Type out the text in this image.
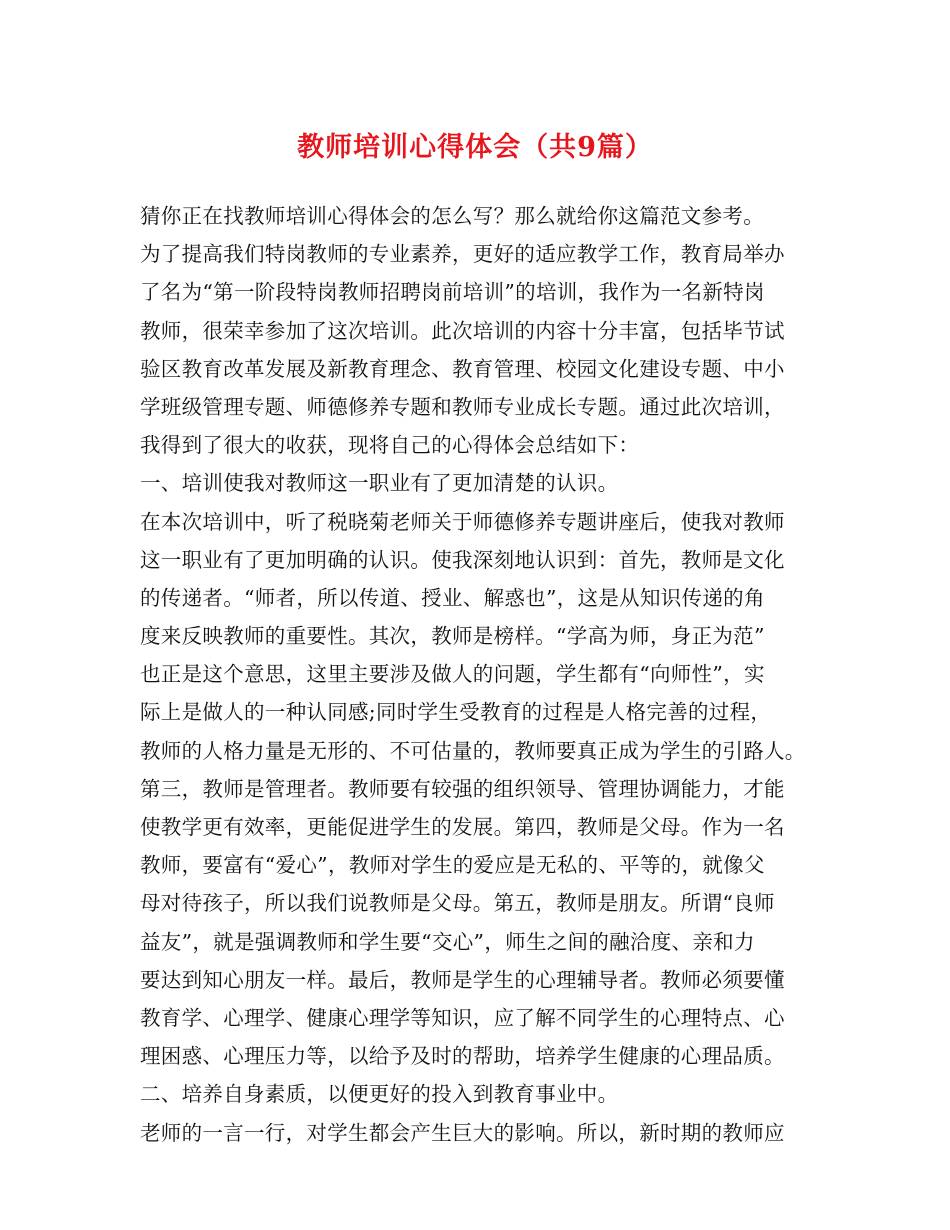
教师培训心得体会（共9篇）
猜你正在找教师培训心得体会的怎么写？那么就给你这篇范文参考。
为了提高我们特岗教师的专业素养，更好的适应教学工作，教育局举办
了名为“第一阶段特岗教师招聘岗前培训”的培训，我作为一名新特岗
教师，很荣幸参加了这次培训。此次培训的内容十分丰富，包括毕节试
验区教育改革发展及新教育理念、教育管理、校园文化建设专题、中小
学班级管理专题、师德修养专题和教师专业成长专题。通过此次培训，
我得到了很大的收获，现将自己的心得体会总结如下：
一、培训使我对教师这一职业有了更加清楚的认识。
在本次培训中，听了税晓菊老师关于师德修养专题讲座后，使我对教师
这一职业有了更加明确的认识。使我深刻地认识到：首先，教师是文化
的传递者。“师者，所以传道、授业、解惑也”，这是从知识传递的角
度来反映教师的重要性。其次，教师是榜样。“学高为师，身正为范”
也正是这个意思，这里主要涉及做人的问题，学生都有“向师性”，实
际上是做人的一种认同感;同时学生受教育的过程是人格完善的过程，
教师的人格力量是无形的、不可估量的，教师要真正成为学生的引路人。
第三，教师是管理者。教师要有较强的组织领导、管理协调能力，才能
使教学更有效率，更能促进学生的发展。第四，教师是父母。作为一名
教师，要富有“爱心”，教师对学生的爱应是无私的、平等的，就像父
母对待孩子，所以我们说教师是父母。第五，教师是朋友。所谓“良师
益友”，就是强调教师和学生要“交心”，师生之间的融洽度、亲和力
要达到知心朋友一样。最后，教师是学生的心理辅导者。教师必须要懂
教育学、心理学、健康心理学等知识，应了解不同学生的心理特点、心
理困惑、心理压力等，以给予及时的帮助，培养学生健康的心理品质。
二、培养自身素质，以便更好的投入到教育事业中。
老师的一言一行，对学生都会产生巨大的影响。所以，新时期的教师应
